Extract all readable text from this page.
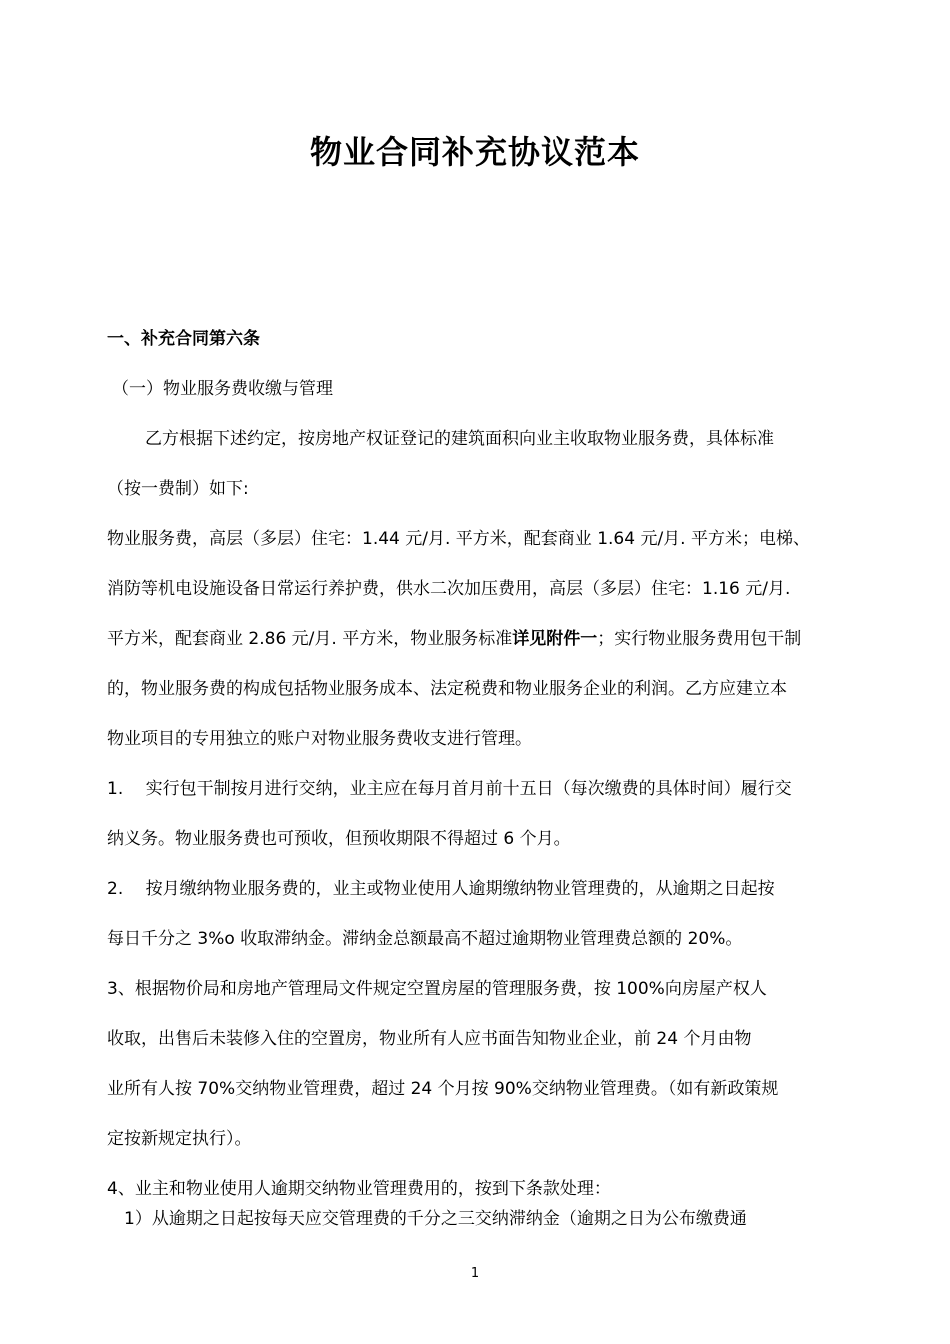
物业合同补充协议范本
一、补充合同第六条
（一）物业服务费收缴与管理
乙方根据下述约定，按房地产权证登记的建筑面积向业主收取物业服务费，具体标准
（按一费制）如下:
物业服务费，高层（多层）住宅：1.44 元/月. 平方米，配套商业 1.64 元/月. 平方米；电梯、
消防等机电设施设备日常运行养护费，供水二次加压费用，高层（多层）住宅：1.16 元/月.
平方米，配套商业 2.86 元/月. 平方米，物业服务标准详见附件一；实行物业服务费用包干制
的，物业服务费的构成包括物业服务成本、法定税费和物业服务企业的利润。乙方应建立本
物业项目的专用独立的账户对物业服务费收支进行管理。
1.　 实行包干制按月进行交纳，业主应在每月首月前十五日（每次缴费的具体时间）履行交
纳义务。物业服务费也可预收，但预收期限不得超过 6 个月。
2.　 按月缴纳物业服务费的，业主或物业使用人逾期缴纳物业管理费的，从逾期之日起按
每日千分之 3%o 收取滞纳金。滞纳金总额最高不超过逾期物业管理费总额的 20%。
3、根据物价局和房地产管理局文件规定空置房屋的管理服务费，按 100%向房屋产权人
收取，出售后未装修入住的空置房，物业所有人应书面告知物业企业，前 24 个月由物
业所有人按 70%交纳物业管理费，超过 24 个月按 90%交纳物业管理费。（如有新政策规
定按新规定执行）。
4、业主和物业使用人逾期交纳物业管理费用的，按到下条款处理：
1）从逾期之日起按每天应交管理费的千分之三交纳滞纳金（逾期之日为公布缴费通
1
